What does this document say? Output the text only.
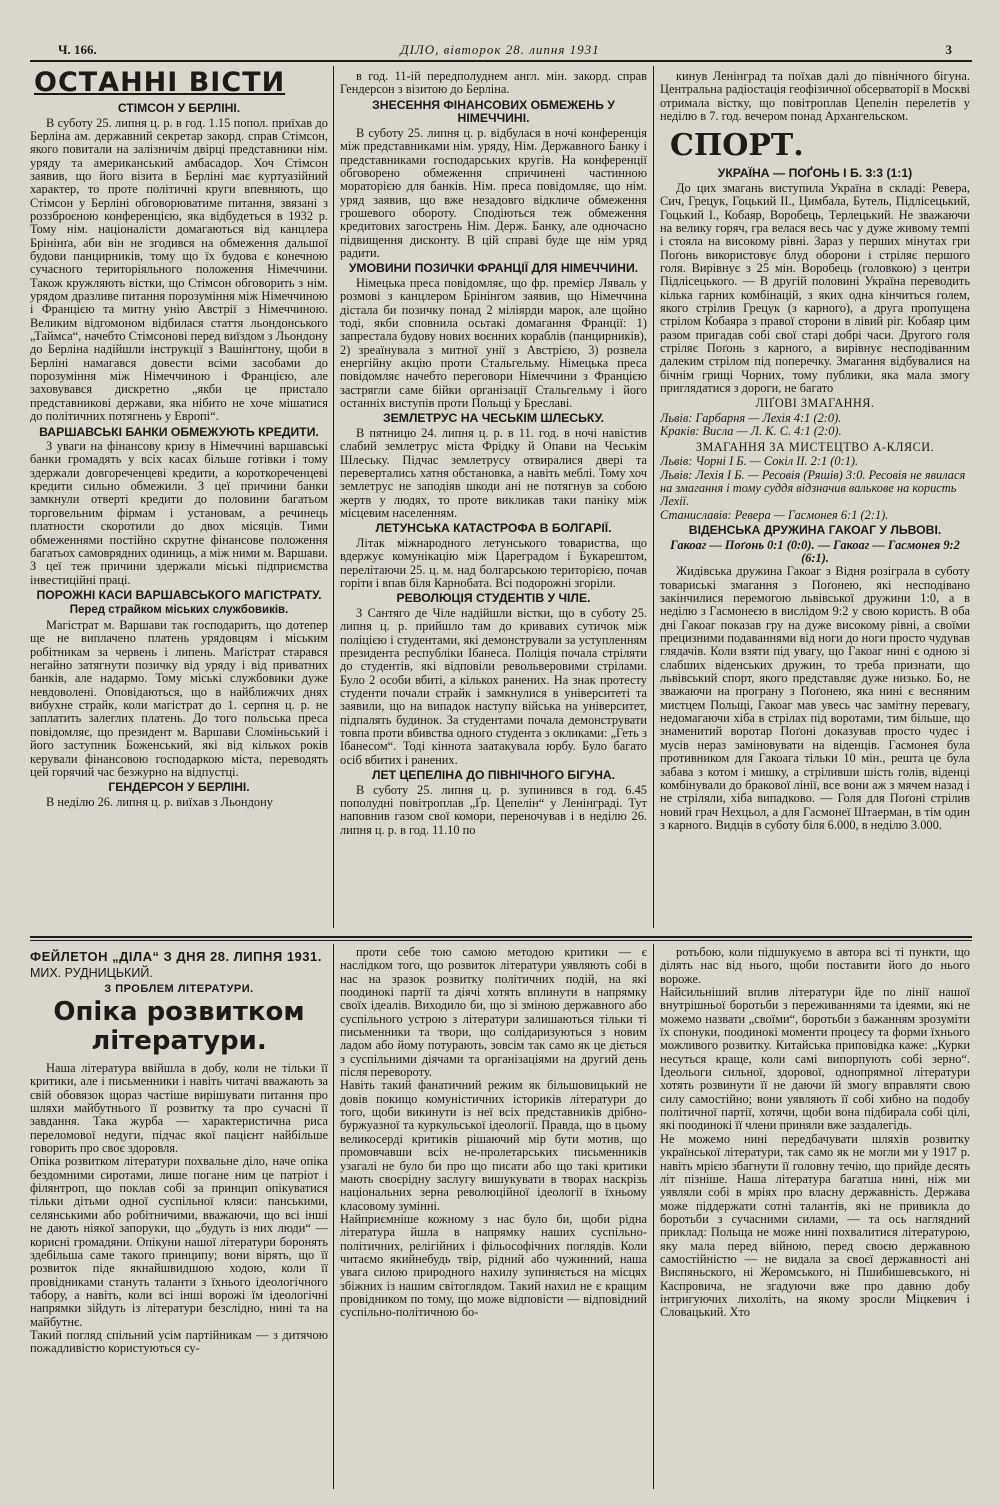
Ч. 166.	ДІЛО, вівторок 28. липня 1931	3
ОСТАННІ ВІСТИ
СТІМСОН У БЕРЛІНІ.

В суботу 25. липня ц. р. в год. 1.15 попол. приїхав до Берліна ам. державний секретар закорд. справ Стімсон, якого повитали на залізничім двірці представники нім. уряду та американський амбасадор. Хоч Стімсон заявив, що його візита в Берліні має куртуазійний характер, то проте політичні круги впевняють, що Стімсон у Берліні обговорюватиме питання, звязані з роззброєною конференцією, яка відбудеться в 1932 р. Тому нім. націоналісти домагаються від канцлера Брінінґа, аби він не згодився на обмеження дальшої будови панцирників, тому що їх будова є конечною сучасного територіяльного положення Німеччини. Також кружляють вістки, що Стімсон обговорить з нім. урядом дразливе питання порозуміння між Німеччиною і Францією та митну унію Австрії з Німеччиною. Великим відгомоном відбилася стаття льондонського „Таймса“, начебто Стімсонові перед виїздом з Льондону до Берліна надійшли інструкції з Вашінґтону, щоби в Берліні намагався довести всіми засобами до порозуміння між Німеччиною і Францією, але заховувався дискретно „якби це пристало представникові держави, яка нібито не хоче мішатися до політичних потягнень у Европі“.

ВАРШАВСЬКІ БАНКИ ОБМЕЖУЮТЬ КРЕДИТИ.

З уваги на фінансову кризу в Німеччині варшавські банки громадять у всіх касах більше готівки і тому здержали довгореченцеві кредити, а короткореченцеві кредити сильно обмежили. З цеї причини банки замкнули отверті кредити до половини багатьом торговельним фірмам і установам, а речинець платности скоротили до двох місяців. Тими обмеженнями постійно скрутне фінансове положення багатьох самоврядних одиниць, а між ними м. Варшави. З цеї теж причини здержали міські підприємства інвестиційні праці.

ПОРОЖНІ КАСИ ВАРШАВСЬКОГО МАГІСТРАТУ.
Перед страйком міських службовиків.

Магістрат м. Варшави так господарить, що дотепер ще не виплачено платень урядовцям і міським робітникам за червень і липень. Маґістрат старався негайно затягнути позичку від уряду і від приватних банків, але надармо. Тому міські службовики дуже невдоволені. Оповідаються, що в найближчих днях вибухне страйк, коли магістрат до 1. серпня ц. р. не заплатить залеглих платень. До того польська преса повідомляє, що президент м. Варшави Сломіньський і його заступник Боженський, які від кількох років керували фінансовою господаркою міста, переводять цей горячий час безжурно на відпустці.

ГЕНДЕРСОН У БЕРЛІНІ.

В неділю 26. липня ц. р. виїхав з Льондону

в год. 11-ій передполуднем англ. мін. закорд. справ Гендерсон з візитою до Берліна.

ЗНЕСЕННЯ ФІНАНСОВИХ ОБМЕЖЕНЬ У НІМЕЧЧИНІ.

В суботу 25. липня ц. р. відбулася в ночі конференція між представниками нім. уряду, Нім. Державного Банку і представниками господарських кругів. На конференції обговорено обмеження спричинені частинною мораторією для банків. Нім. преса повідомляє, що нім. уряд заявив, що вже незадовго відкличе обмеження грошевого обороту. Сподіються теж обмеження кредитових загострень Нім. Держ. Банку, але одночасно підвищення дисконту. В цій справі буде ще нім уряд радити.

УМОВИНИ ПОЗИЧКИ ФРАНЦІЇ ДЛЯ НІМЕЧЧИНИ.

Німецька преса повідомляє, що фр. премієр Ляваль у розмові з канцлером Брінінгом заявив, що Німеччина дістала би позичку понад 2 міліярди марок, але щойно тоді, якби сповнила осьтакі домагання Франції: 1) запрестала будову нових воєнних кораблів (панцирників), 2) зреаїнувала з митної унії з Австрією, 3) розвела енергійну акцію проти Стальгельму. Німецька преса повідомляє начебто переговори Німеччини з Францією застрягли саме бійки організації Стальгельму і його останніх виступів проти Польщі у Бреславі.

ЗЕМЛЕТРУС НА ЧЕСЬКІМ ШЛЕСЬКУ.

В пятницю 24. липня ц. р. в 11. год. в ночі навістив слабий землетрус міста Фрідку й Опави на Чеськім Шлеську. Підчас землетрусу отвиралися двері та перевертались хатня обстановка, а навіть меблі. Тому хоч землетрус не заподіяв шкоди ані не потягнув за собою жертв у людях, то проте викликав таки паніку між місцевим населенням.

ЛЕТУНСЬКА КАТАСТРОФА В БОЛГАРІЇ.

Літак міжнародного летунського товариства, що вдержує комунікацію між Цареградом і Букарештом, перелітаючи 25. ц. м. над болгарською територією, почав горіти і впав біля Карнобата. Всі подорожні згоріли.

РЕВОЛЮЦІЯ СТУДЕНТІВ У ЧІЛЕ.

З Сантяго де Чіле надійшли вістки, що в суботу 25. липня ц. р. прийшло там до кривавих сутичок між поліцією і студентами, які демонстрували за уступленням президента республіки Ібанеса. Поліція почала стріляти до студентів, які відповіли револьверовими стрілами. Було 2 особи вбиті, а кількох ранених. На знак протесту студенти почали страйк і замкнулися в університеті та заявили, що на випадок наступу війська на університет, підпалять будинок. За студентами почала демонструвати товпа проти вбивства одного студента з окликами: „Геть з Ібанесом“. Тоді кіннота заатакувала юрбу. Було багато осіб вбитих і ранених.

ЛЕТ ЦЕПЕЛІНА ДО ПІВНІЧНОГО БІГУНА.

В суботу 25. липня ц. р. зупинився в год. 6.45 пополудні повітроплав „Ґр. Цепелін“ у Ленінграді. Тут наповнив газом свої комори, переночував і в неділю 26. липня ц. р. в год. 11.10 по

кинув Ленінград та поїхав далі до північного бігуна. Центральна радіостація геофізичної обсерваторії в Москві отримала вістку, що повітроплав Цепелін перелетів у неділю в 7. год. вечером понад Архангельском.

СПОРТ.
УКРАЇНА — ПОҐОНЬ І Б. 3:3 (1:1)

До цих змагань виступила Україна в складі: Ревера, Сич, Грецук, Гоцький II., Цимбала, Бутель, Підлісецький, Гоцький І., Кобаяр, Воробець, Терлецький. Не зважаючи на велику горяч, гра велася весь час у дуже живому темпі і стояла на високому рівні. Зараз у перших мінутах гри Поґонь використовує блуд оборони і стріляє першого голя. Вирівнує з 25 мін. Воробець (головкою) з центри Підлісецького. — В другій половині Україна переводить кілька гарних комбінацій, з яких одна кінчиться голем, якого стрілив Грецук (з карного), а друга пропущена стрілом Кобаяра з правої сторони в лівий ріг. Кобаяр цим разом пригадав собі свої старі добрі часи. Другого голя стріляє Поґонь з карного, а вирівнує несподіванним далеким стрілом під поперечку. Змагання відбувалися на бічнім грищі Чорних, тому публики, яка мала змогу приглядатися з дороги, не багато

ЛІҐОВІ ЗМАГАННЯ.

Львів: Гарбарня — Лехія 4:1 (2:0).

Краків: Висла — Л. К. С. 4:1 (2:0).

ЗМАГАННЯ ЗА МИСТЕЦТВО А-КЛЯСИ.

Львів: Чорні І Б. — Сокіл II. 2:1 (0:1).

Львів: Лехія І Б. — Ресовія (Ряшів) 3:0. Ресовія не явилася на змагання і тому суддя відзначив валькове на користь Лехії.

Станиславів: Ревера — Гасмонея 6:1 (2:1).

ВІДЕНСЬКА ДРУЖИНА ГАКОАГ У ЛЬВОВІ.

Гакоаг — Поґонь 0:1 (0:0). — Гакоаг — Гасмонея 9:2 (6:1).

Жидівська дружина Гакоаг з Відня розіграла в суботу товариські змагання з Поґонею, які несподівано закінчилися перемогою львівської дружини 1:0, а в неділю з Гасмонеєю в вислідом 9:2 у свою користь. В оба дні Гакоаг показав гру на дуже високому рівні, а своїми прецизними подаваннями від ноги до ноги просто чудував глядачів. Коли взяти під увагу, що Гакоаг нині є одною зі слабших віденських дружин, то треба признати, що львівський спорт, якого представляє дуже низько. Бо, не зважаючи на програну з Поґонею, яка нині є весняним мистцем Польщі, Гакоаг мав увесь час замітну перевагу, недомагаючи хіба в стрілах під воротами, тим більше, що знаменитий воротар Поґоні доказував просто чудес і мусів нераз заміновувати на віденців. Гасмонея була противником для Гакоага тільки 10 мін., решта це була забава з котом і мишку, а стріливши шість голів, віденці комбінували до бракової лінії, все вони аж з мячем назад і не стріляли, хіба випадково. — Голя для Поґоні стрілив новий грач Нехцьол, а для Гасмонеї Штаерман, в тім один з карного. Видців в суботу біля 6.000, в неділю 3.000.

ФЕЙЛЕТОН „ДІЛА“ З ДНЯ 28. ЛИПНЯ 1931.
МИХ. РУДНИЦЬКИЙ.
З ПРОБЛЕМ ЛІТЕРАТУРИ.
Опіка розвитком літератури.

Наша література ввійшла в добу, коли не тільки її критики, але і письменники і навіть читачі вважають за свій обовязок щораз частіше вирішувати питання про шляхи майбутнього її розвитку та про сучасні її завдання. Така журба — характеристична риса переломової недуги, підчас якої пацієнт найбільше говорить про своє здоровля.
Опіка розвитком літератури похвальне діло, наче опіка бездомними сиротами, лише погане ним це патріот і філянтроп, що поклав собі за принцип опікуватися тільки дітьми одної суспільної кляси: панськими, селянськими або робітничими, вважаючи, що всі інші не дають ніякої запоруки, що „будуть із них люди“ — корисні громадяни. Опікуни нашої літератури боронять здебільша саме такого принципу; вони вірять, що її розвиток піде якнайшвидшою ходою, коли її провідниками стануть таланти з їхнього ідеологічного табору, а навіть, коли всі інші ворожі їм ідеологічні напрямки зійдуть із літератури безслідно, нині та на майбутнє.
Такий погляд спільний усім партійникам — з дитячою пожадливістю користуються су-

проти себе тою самою методою критики — є наслідком того, що розвиток літератури уявляють собі в нас на зразок розвитку політичних подій, на які поодинокі партії та діячі хотять вплинути в напрямку своїх ідеалів. Виходило би, що зі зміною державного або суспільного устрою з літератури залишаються тільки ті письменники та твори, що солідаризуються з новим ладом або йому потурають, зовсім так само як це діється з суспільними діячами та організаціями на другий день після перевороту.
Навіть такий фанатичний режим як більшовицький не довів покищо комуністичних істориків літератури до того, щоби викинути із неї всіх представників дрібно-буржуазної та куркульської ідеології. Правда, що в цьому великосерді критиків рішаючий мір бути мотив, що промовчавши всіх не-пролетарських письменників узагалі не було би про що писати або що такі критики мають своєрідну заслугу вишукувати в творах наскрізь національних зерна революційної ідеології в їхньому класовому зумінні.
Найприємніше кожному з нас було би, щоби рідна література йшла в напрямку наших суспільно-політичних, релігійних і фільософічних поглядів. Коли читаємо якийнебудь твір, рідний або чужинний, наша увага силою природного нахилу зупиняється на місцях збіжних із нашим світоглядом. Такий нахил не є кращим провідником по тому, що може відповісти — відповідний суспільно-політичною бо-

ротьбою, коли підшукуємо в автора всі ті пункти, що ділять нас від нього, щоби поставити його до нього вороже.
Найсильніший вплив літератури йде по лінії нашої внутрішньої боротьби з переживаннями та ідеями, які не можемо назвати „своїми“, боротьби з бажанням зрозуміти їх спонуки, поодинокі моменти процесу та форми їхнього можливого розвитку. Китайська приповідка каже: „Курки несуться краще, коли самі випорпують собі зерно“. Ідеольоги сильної, здорової, однопрямної літератури хотять розвинути її не даючи їй змогу вправляти свою силу самостійно; вони уявляють її собі хибно на подобу політичної партії, хотячи, щоби вона підбирала собі цілі, які поодинокі її члени приняли вже заздалегідь.
Не можемо нині передбачувати шляхів розвитку української літератури, так само як не могли ми у 1917 р. навіть мрією збагнути її головну течію, що прийде десять літ пізніше. Наша література багатша нині, ніж ми уявляли собі в мріях про власну державність. Держава може піддержати сотні талантів, які не привикла до боротьби з сучасними силами, — та ось наглядний приклад: Польща не може нині похвалитися літературою, яку мала перед війною, перед своєю державною самостійністю — не видала за своєї державності ані Виспяньского, ні Жеромського, ні Пшибишевського, ні Каспровича, не згадуючи вже про давню добу інтригуючих лихоліть, на якому зросли Міцкевич і Словацький. Хто
